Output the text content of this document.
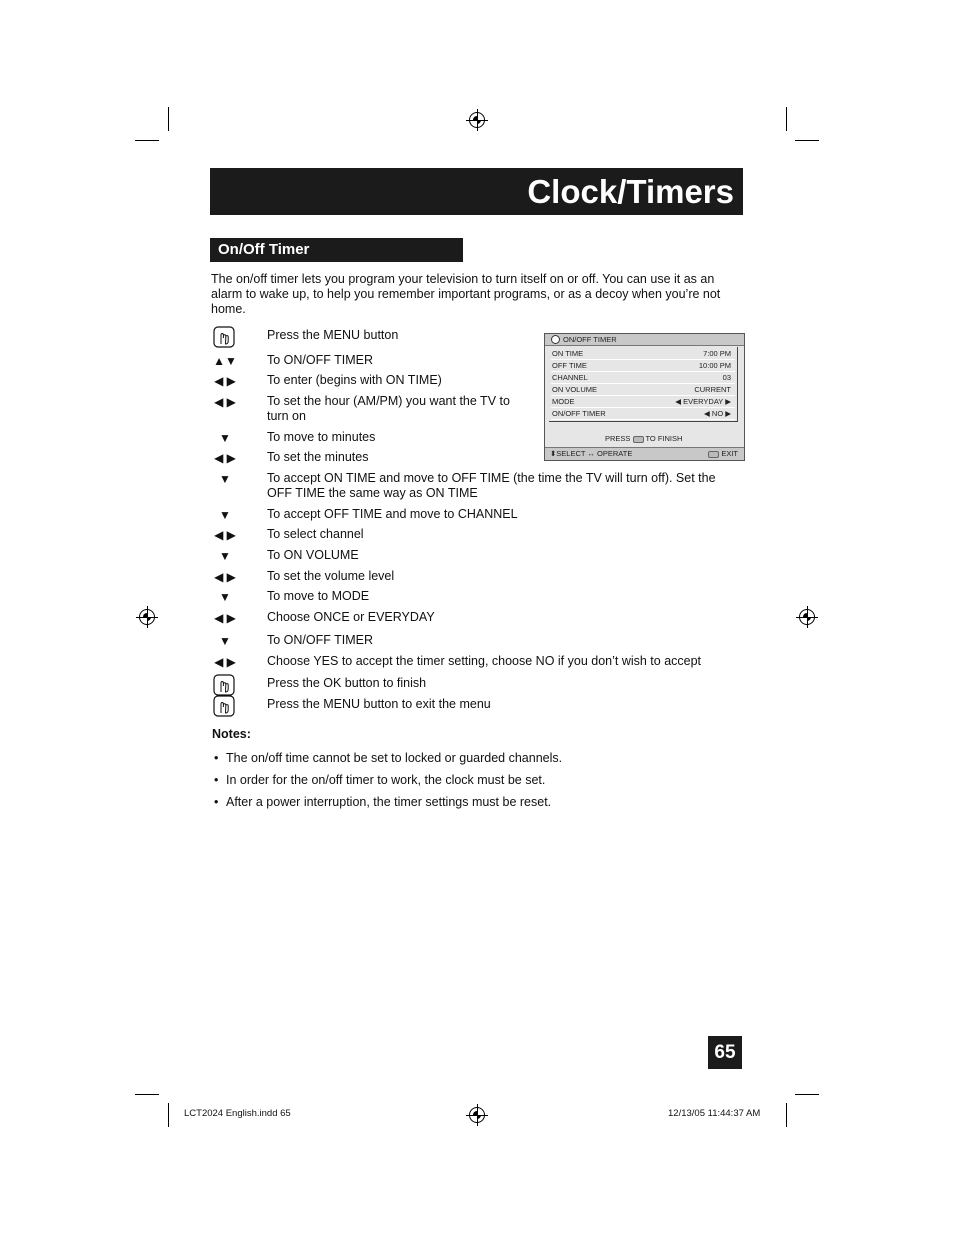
Clock/Timers
On/Off Timer
The on/off timer lets you program your television to turn itself on or off. You can use it as an alarm to wake up, to help you remember important programs, or as a decoy when you’re not home.
Press the MENU button
▲▼ To ON/OFF TIMER
◀ ▶ To enter (begins with ON TIME)
◀ ▶ To set the hour (AM/PM) you want the TV to turn on
▼	To move to minutes
◀ ▶ To set the minutes
▼	To accept ON TIME and move to OFF TIME (the time the TV will turn off). Set the OFF TIME the same way as ON TIME
▼	To accept OFF TIME and move to CHANNEL
◀ ▶ To select channel
▼	To ON VOLUME
◀ ▶ To set the volume level
▼	To move to MODE
◀ ▶ Choose ONCE or EVERYDAY
▼	To ON/OFF TIMER
◀ ▶ Choose YES to accept the timer setting, choose NO if you don’t wish to accept
Press the OK button to finish
Press the MENU button to exit the menu
ON/OFF TIMER
ON TIME	7:00 PM
OFF TIME	10:00 PM
CHANNEL	03
ON VOLUME	CURRENT
MODE	◀ EVERYDAY ▶
ON/OFF TIMER	◀ NO ▶
PRESS TO FINISH
⬍SELECT ↔ OPERATE	EXIT
Notes:
• The on/off time cannot be set to locked or guarded channels.
• In order for the on/off timer to work, the clock must be set.
• After a power interruption, the timer settings must be reset.
65
LCT2024 English.indd 65	12/13/05 11:44:37 AM
